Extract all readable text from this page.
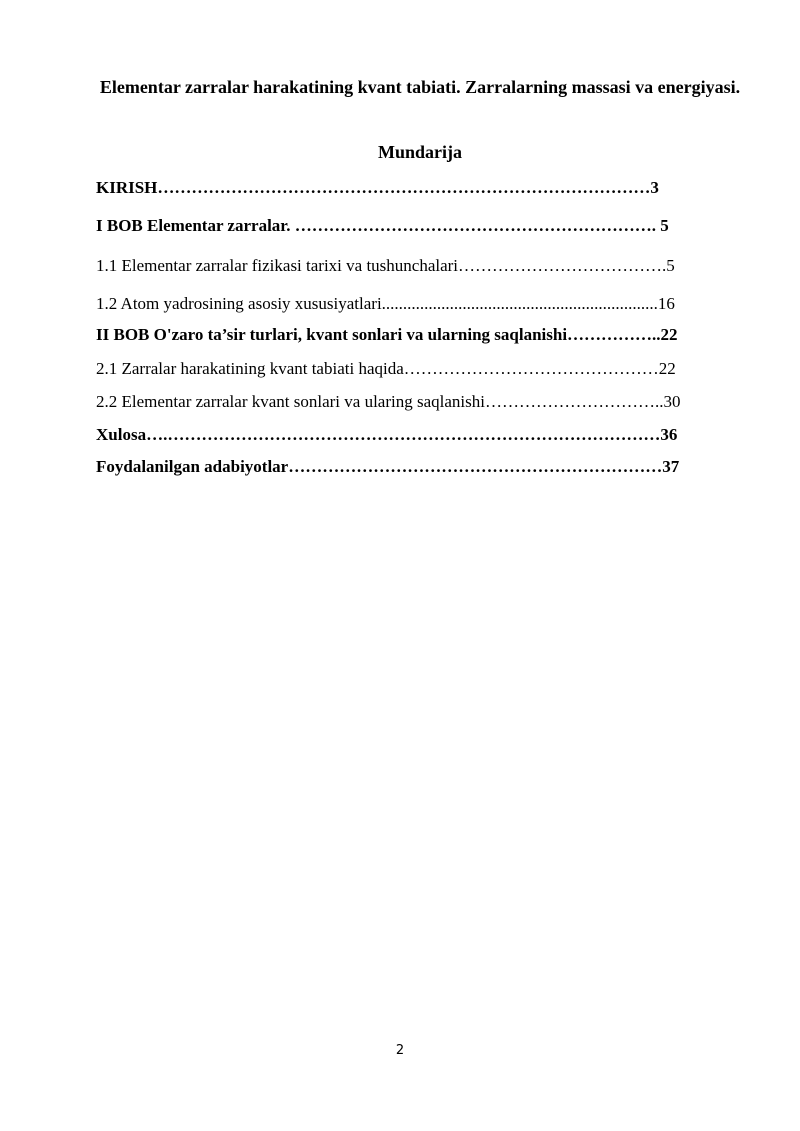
Elementar zarralar harakatining kvant tabiati. Zarralarning massasi va energiyasi.
Mundarija
KIRISH……………………………………………………………………………3
I BOB Elementar zarralar. ………………………………………………………. 5
1.1 Elementar zarralar fizikasi tarixi va tushunchalari……………………………….5
1.2 Atom yadrosining asosiy xususiyatlari.................................................................16
II BOB O'zaro ta’sir turlari, kvant sonlari va ularning saqlanishi……………..22
2.1 Zarralar harakatining kvant tabiati haqida………………………………………22
2.2 Elementar zarralar kvant sonlari va ularing saqlanishi…………………………..30
Xulosa….……………………………………………………………………………36
Foydalanilgan adabiyotlar…………………………………………………………37
2
